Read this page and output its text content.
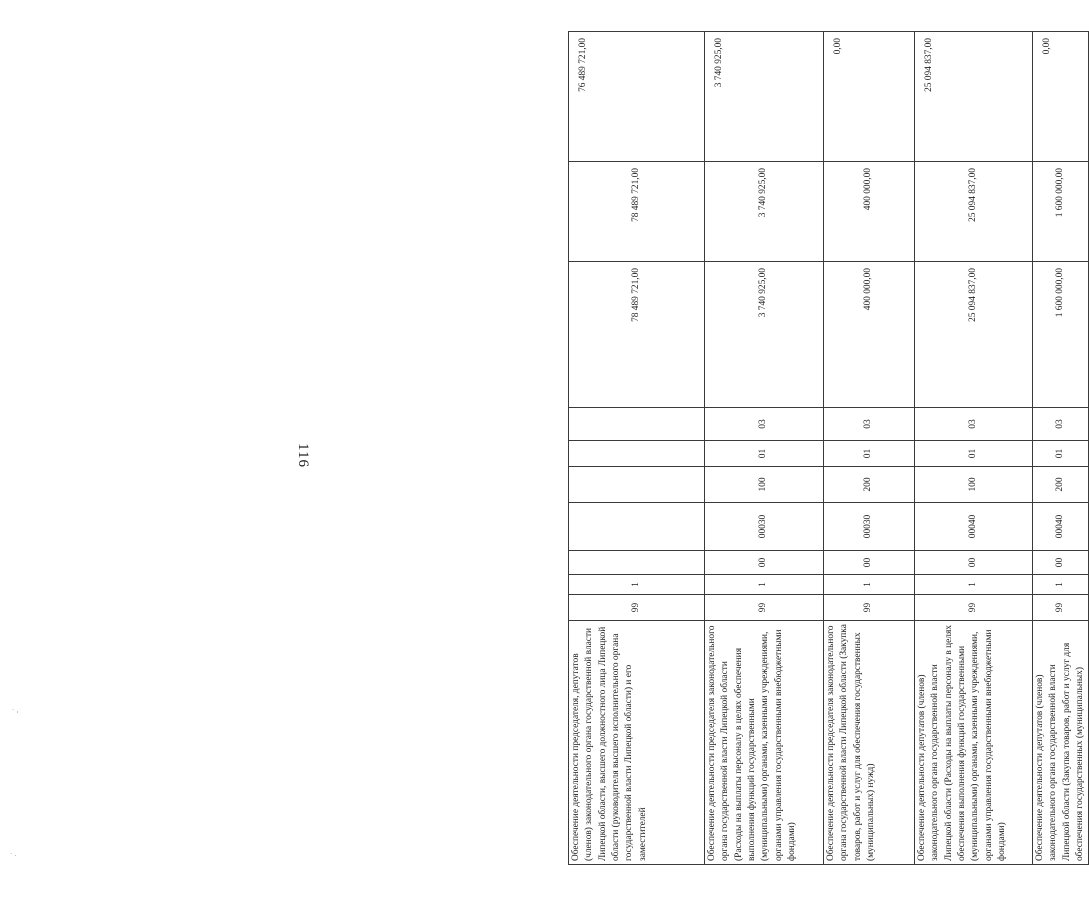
· ,
· .
116
Обеспечение деятельности председателя, депутатов (членов) законодательного органа государственной власти Липецкой области, высшего должностного лица Липецкой области (руководителя высшего исполнительного органа государственной власти Липецкой области) и его заместителей	99	1						78 489 721,00	78 489 721,00	76 489 721,00
Обеспечение деятельности председателя законодательного органа государственной власти Липецкой области (Расходы на выплаты персоналу в целях обеспечения выполнения функций государственными (муниципальными) органами, казенными учреждениями, органами управления государственными внебюджетными фондами)	99	1	00	00030	100	01	03	3 740 925,00	3 740 925,00	3 740 925,00
Обеспечение деятельности председателя законодательного органа государственной власти Липецкой области (Закупка товаров, работ и услуг для обеспечения государственных (муниципальных) нужд)	99	1	00	00030	200	01	03	400 000,00	400 000,00	0,00
Обеспечение деятельности депутатов (членов) законодательного органа государственной власти Липецкой области (Расходы на выплаты персоналу в целях обеспечения выполнения функций государственными (муниципальными) органами, казенными учреждениями, органами управления государственными внебюджетными фондами)	99	1	00	00040	100	01	03	25 094 837,00	25 094 837,00	25 094 837,00
Обеспечение деятельности депутатов (членов) законодательного органа государственной власти Липецкой области (Закупка товаров, работ и услуг для обеспечения государственных (муниципальных)	99	1	00	00040	200	01	03	1 600 000,00	1 600 000,00	0,00
